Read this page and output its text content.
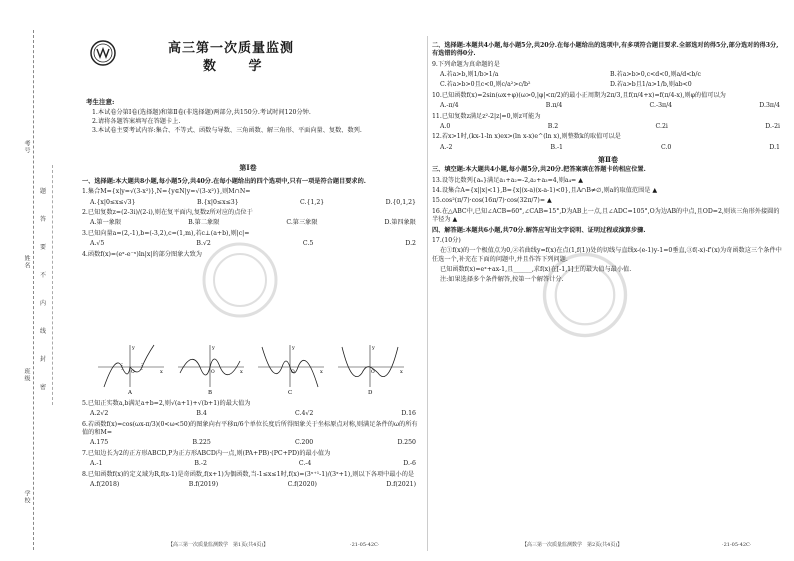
考号
姓名
班级
学校
题
答
要
不
内
线
封
密
高三第一次质量监测
数 学
考生注意:
1.本试卷分第Ⅰ卷(选择题)和第Ⅱ卷(非选择题)两部分,共150分.考试时间120分钟.
2.请将各题答案填写在答题卡上.
3.本试卷主要考试内容:集合、不等式、函数与导数、三角函数、解三角形、平面向量、复数、数列.
第Ⅰ卷
一、选择题:本大题共8小题,每小题5分,共40分.在每小题给出的四个选项中,只有一项是符合题目要求的.
1.集合M={x|y=√(3-x²)},N={y∈N|y=√(3-x²)},则M∩N=
A.{x|0≤x≤√3}	B.{x|0≤x≤3}	C.{1,2}	D.{0,1,2}
2.已知复数z=(2-3i)/(2-i),则在复平面内,复数z所对应的点位于
A.第一象限	B.第二象限	C.第三象限	D.第四象限
3.已知向量a=(2,-1),b=(-3,2),c=(1,m),若c⊥(a+b),则|c|=
A.√5	B.√2	C.5	D.2
4.函数f(x)=(eˣ-e⁻ˣ)ln|x|的部分图象大致为
y
x
O
A
y
x
O
B
y
x
O
C
y
x
O
D
5.已知正实数a,b满足a+b=2,则√(a+1)+√(b+1)的最大值为
A.2√2	B.4	C.4√2	D.16
6.若函数f(x)=cos(ωx-π/3)(0<ω<50)的图象向右平移π/6个单位长度后所得图象关于坐标原点对称,则满足条件的ω的所有值的和M=
A.175	B.225	C.200	D.250
7.已知边长为2的正方形ABCD,P为正方形ABCD内一点,则(PA+PB)·(PC+PD)的最小值为
A.-1	B.-2	C.-4	D.-6
8.已知函数f(x)的定义域为R,f(x-1)是奇函数,f(x+1)为偶函数,当-1≤x≤1时,f(x)=(3ˣ⁺¹-1)/(3ˣ+1),则以下各项中最小的是
A.f(2018)	B.f(2019)	C.f(2020)	D.f(2021)
【高三第一次质量监测数学　第1页(共4页)】	·21-05-42C·
二、选择题:本题共4小题,每小题5分,共20分.在每小题给出的选项中,有多项符合题目要求.全部选对的得5分,部分选对的得3分,有选错的得0分.
9.下列命题为真命题的是
A.若a>b,则1/b>1/a	B.若a>b>0,c<d<0,则a/d<b/c
C.若a>b>0且c<0,则c/a²>c/b²	D.若a>b且1/a>1/b,则ab<0
10.已知函数f(x)=2sin(ωx+φ)(ω>0,|φ|<π/2)的最小正周期为2π/3,且f(π/4+x)=f(π/4-x),则φ的值可以为
A.-π/4	B.π/4	C.-3π/4	D.3π/4
11.已知复数z满足z²-2|z|=0,则z可能为
A.0	B.2	C.2i	D.-2i
12.若x>1时,(kx-1-ln x)ex>(ln x-x)e^(ln x),则整数k的取值可以是
A.-2	B.-1	C.0	D.1
第Ⅱ卷
三、填空题:本大题共4小题,每小题5分,共20分.把答案填在答题卡的相应位置.
13.设等比数列{aₙ}满足a₁+a₂=-2,a₂+a₃=4,则a₄= ▲
14.设集合A={x||x|<1},B={x|(x-a)(x-a-1)<0},且A∩B≠∅,则a的取值范围是 ▲
15.cos²(π/7)·cos(16π/7)·cos(32π/7)= ▲
16.在△ABC中,已知∠ACB=60°,∠CAB=15°,D为AB上一点,且∠ADC=105°,O为边AB的中点,且OD=2,则该三角形外接圆的半径为 ▲
四、解答题:本题共6小题,共70分.解答应写出文字说明、证明过程或演算步骤.
17.(10分)
在①f(x)的一个极值点为0,②若曲线y=f(x)在点(1,f(1))处的切线与直线x-(e-1)y-1=0垂直,③f(-x)-f'(x)为奇函数这三个条件中任选一个,补充在下面的问题中,并且作答下列问题.
已知函数f(x)=eˣ+ax-1,且______,求f(x)在[-1,1]上的最大值与最小值.
注:如果选择多个条件解答,按第一个解答计分.
【高三第一次质量监测数学　第2页(共4页)】	·21-05-42C·
